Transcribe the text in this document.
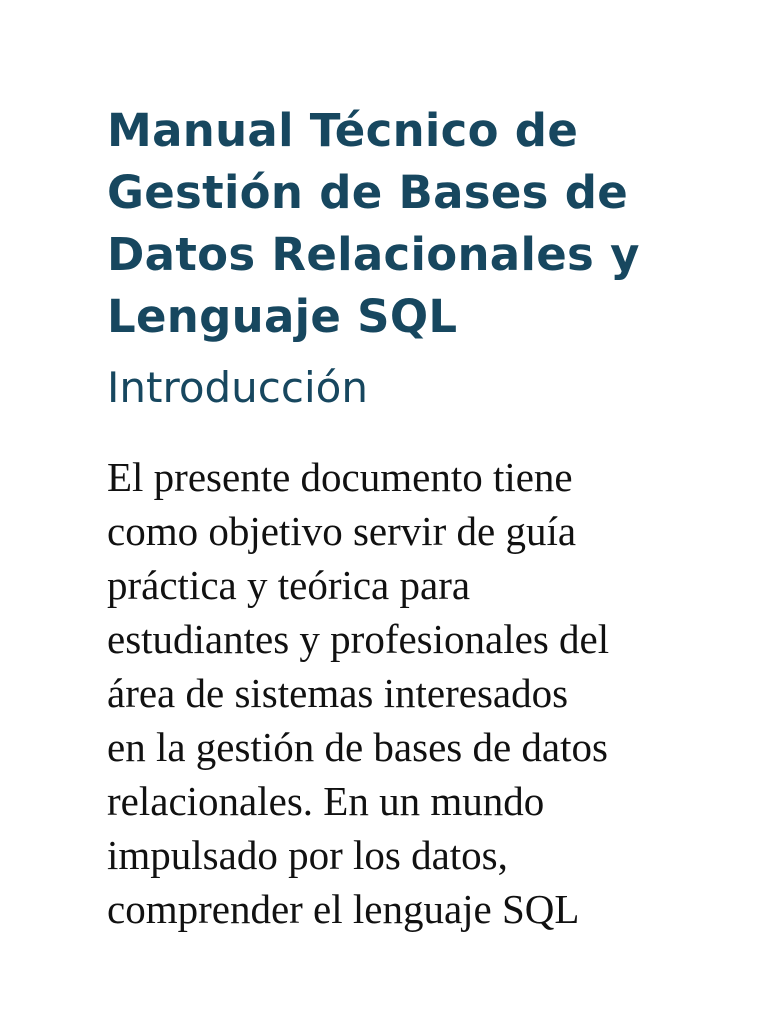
Manual Técnico de
Gestión de Bases de
Datos Relacionales y
Lenguaje SQL
Introducción

El presente documento tiene
como objetivo servir de guía
práctica y teórica para
estudiantes y profesionales del
área de sistemas interesados
en la gestión de bases de datos
relacionales. En un mundo
impulsado por los datos,
comprender el lenguaje SQL
